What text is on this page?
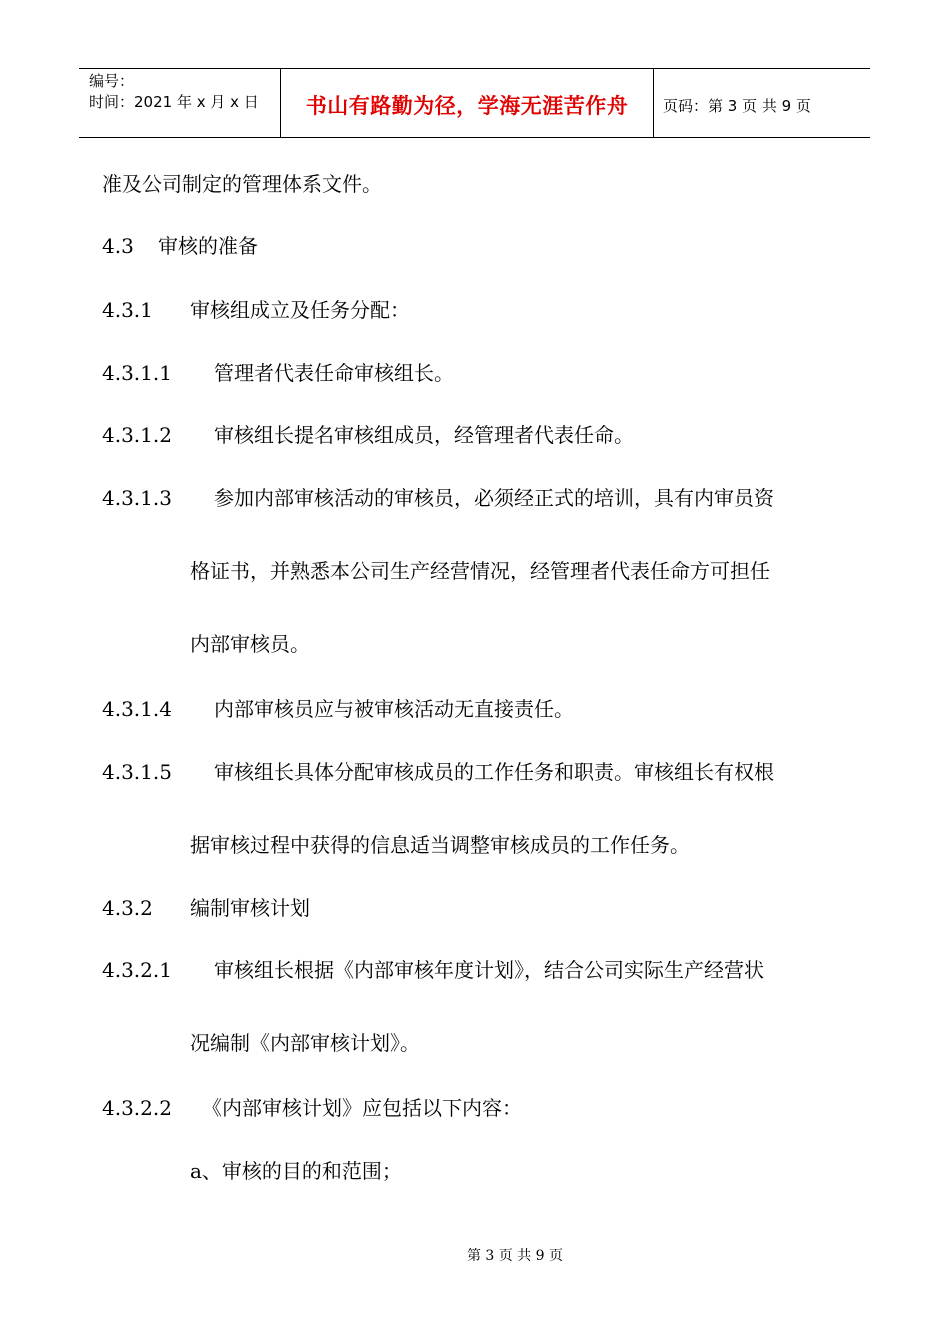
编号：
时间：2021 年 x 月 x 日	书山有路勤为径，学海无涯苦作舟	页码：第 3 页 共 9 页
准及公司制定的管理体系文件。
4.3 审核的准备
4.3.1 审核组成立及任务分配：
4.3.1.1 管理者代表任命审核组长。
4.3.1.2 审核组长提名审核组成员，经管理者代表任命。
4.3.1.3 参加内部审核活动的审核员，必须经正式的培训，具有内审员资
格证书，并熟悉本公司生产经营情况，经管理者代表任命方可担任
内部审核员。
4.3.1.4 内部审核员应与被审核活动无直接责任。
4.3.1.5 审核组长具体分配审核成员的工作任务和职责。审核组长有权根
据审核过程中获得的信息适当调整审核成员的工作任务。
4.3.2 编制审核计划
4.3.2.1 审核组长根据《内部审核年度计划》，结合公司实际生产经营状
况编制《内部审核计划》。
4.3.2.2 《内部审核计划》应包括以下内容：
a、审核的目的和范围；
第 3 页 共 9 页
